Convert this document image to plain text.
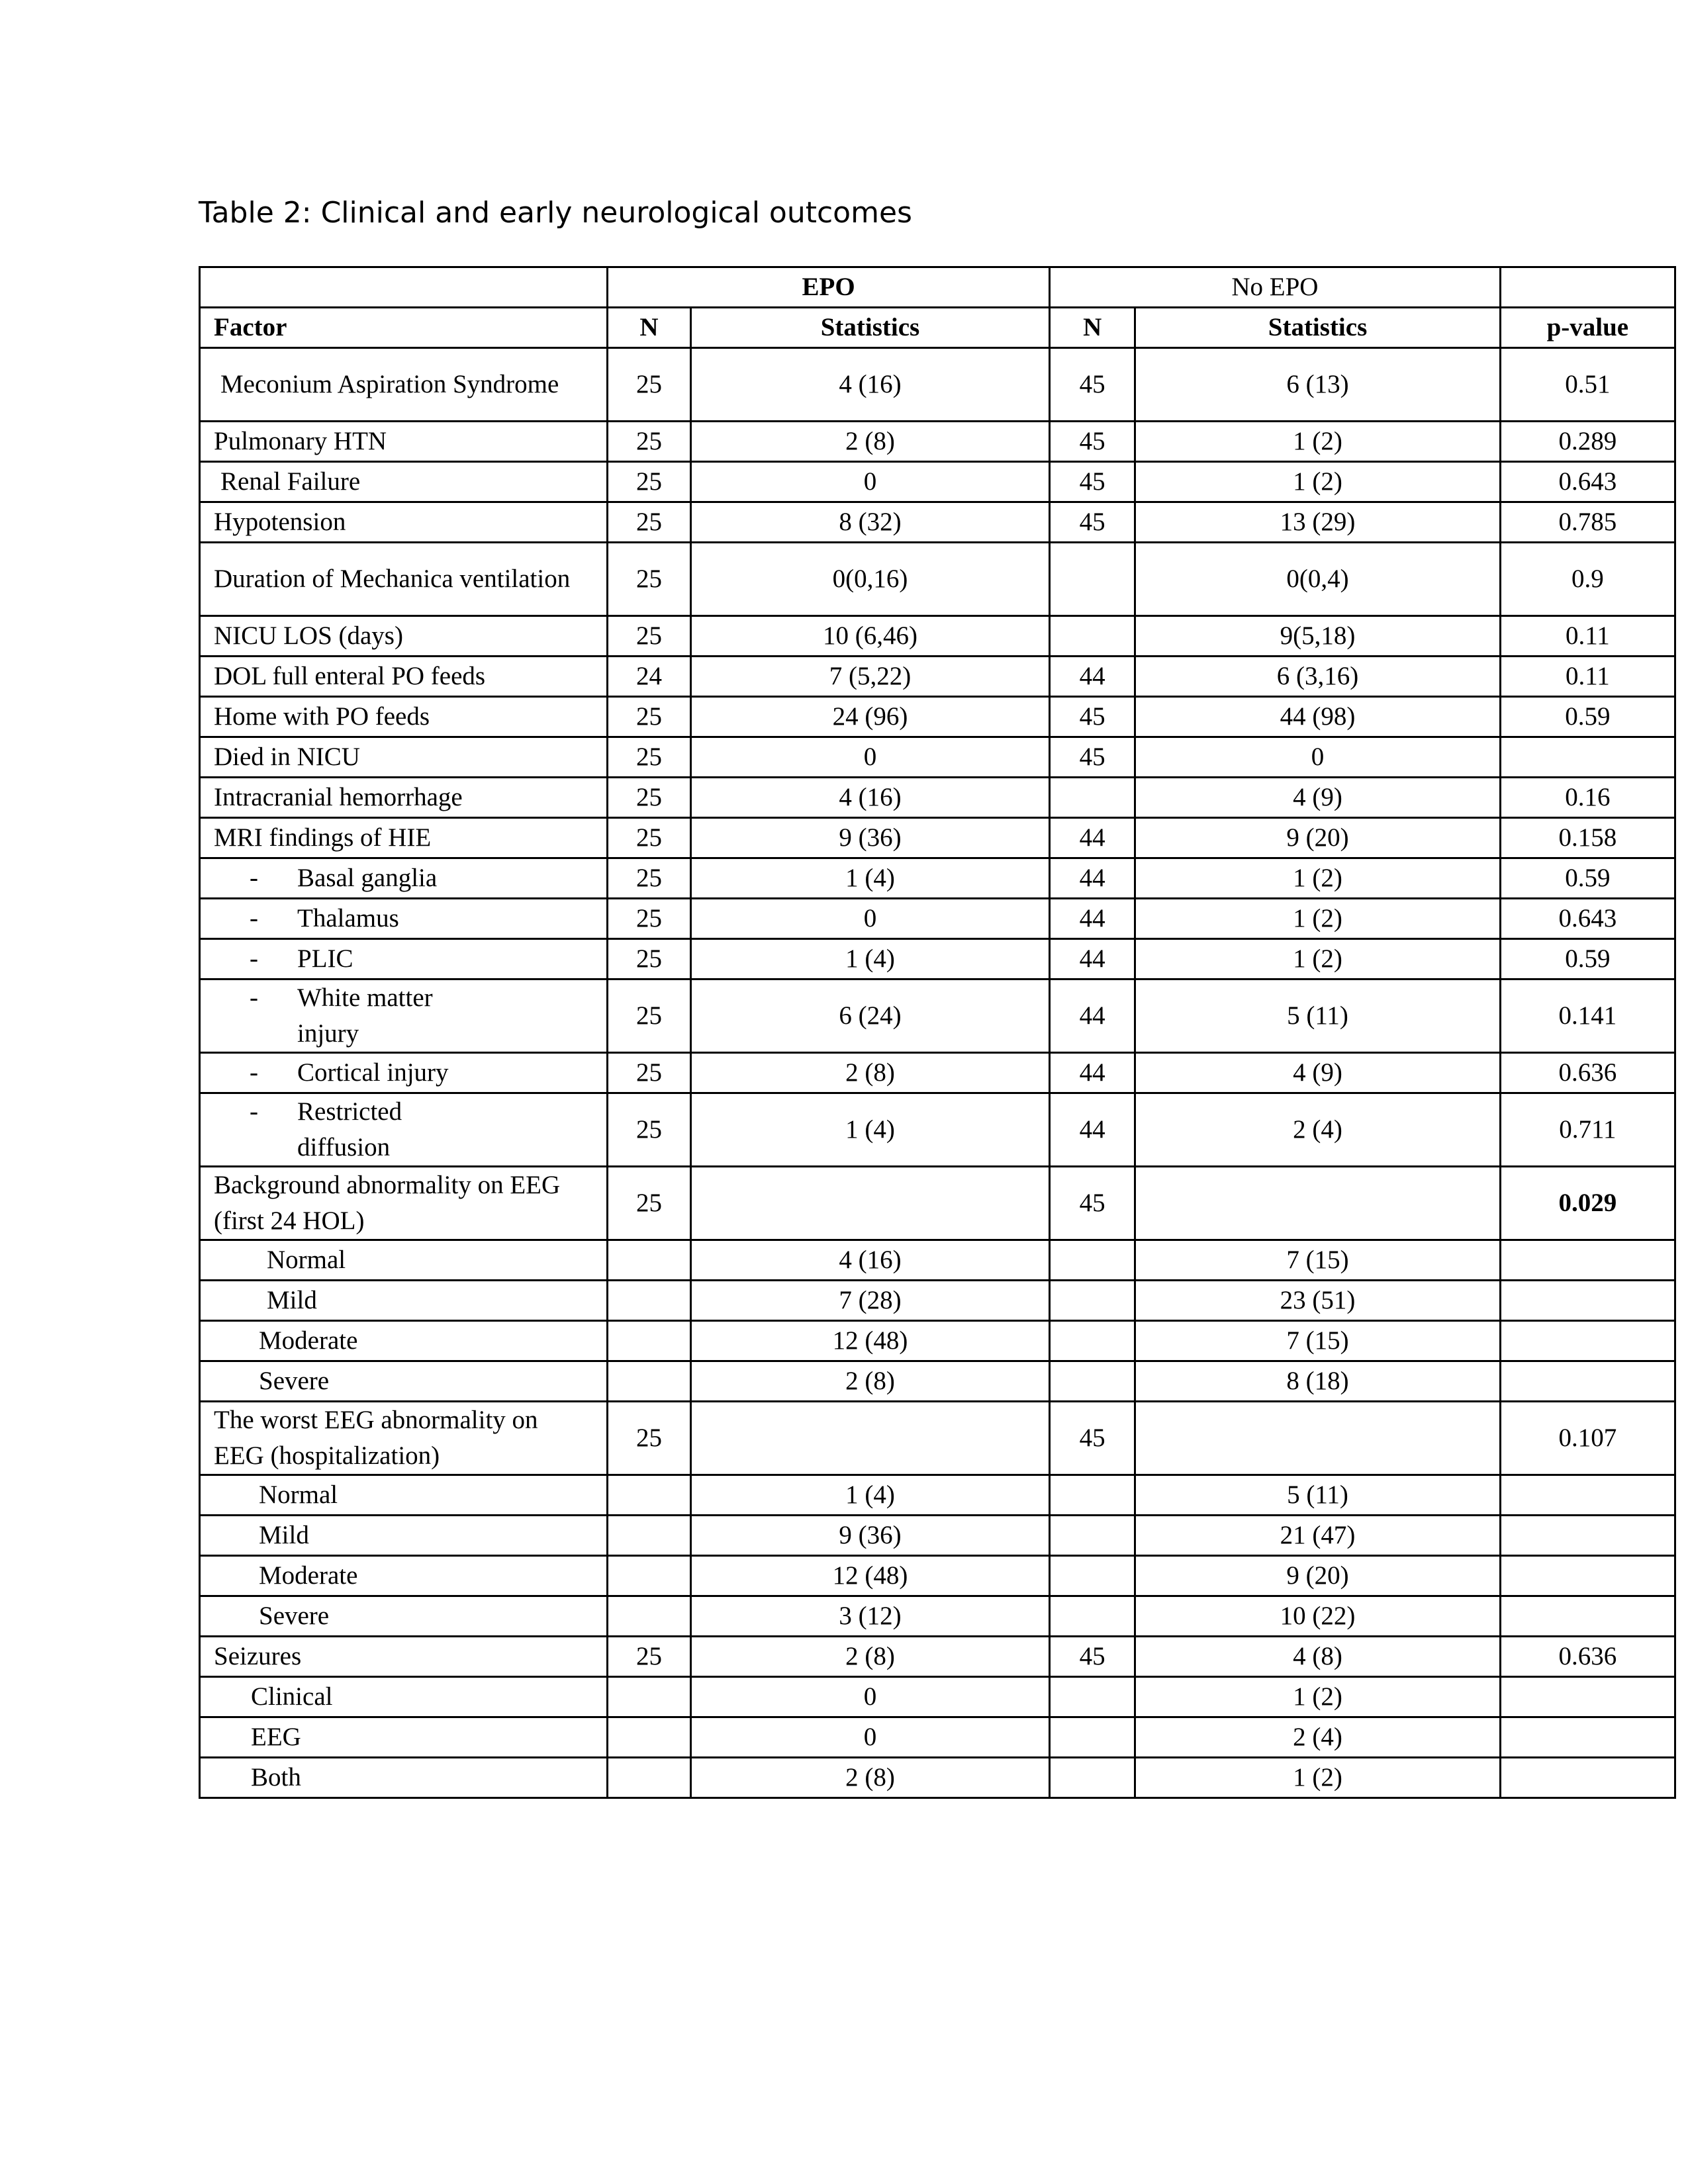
Table 2: Clinical and early neurological outcomes
	EPO		No EPO		
Factor	N	Statistics	N	Statistics	p-value
Meconium Aspiration Syndrome	25	4 (16)	45	6 (13)	0.51
Pulmonary HTN	25	2 (8)	45	1 (2)	0.289
Renal Failure	25	0	45	1 (2)	0.643
Hypotension	25	8 (32)	45	13 (29)	0.785
Duration of Mechanica ventilation	25	0(0,16)		0(0,4)	0.9
NICU LOS (days)	25	10 (6,46)		9(5,18)	0.11
DOL full enteral PO feeds	24	7 (5,22)	44	6 (3,16)	0.11
Home with PO feeds	25	24 (96)	45	44 (98)	0.59
Died in NICU	25	0	45	0	
Intracranial hemorrhage	25	4 (16)		4 (9)	0.16
MRI findings of HIE	25	9 (36)	44	9 (20)	0.158
- Basal ganglia	25	1 (4)	44	1 (2)	0.59
- Thalamus	25	0	44	1 (2)	0.643
- PLIC	25	1 (4)	44	1 (2)	0.59
- White matter injury	25	6 (24)	44	5 (11)	0.141
- Cortical injury	25	2 (8)	44	4 (9)	0.636
- Restricted diffusion	25	1 (4)	44	2 (4)	0.711
Background abnormality on EEG (first 24 HOL)	25		45		0.029
Normal		4 (16)		7 (15)	
Mild		7 (28)		23 (51)	
Moderate		12 (48)		7 (15)	
Severe		2 (8)		8 (18)	
The worst EEG abnormality on EEG (hospitalization)	25		45		0.107
Normal		1 (4)		5 (11)	
Mild		9 (36)		21 (47)	
Moderate		12 (48)		9 (20)	
Severe		3 (12)		10 (22)	
Seizures	25	2 (8)	45	4 (8)	0.636
Clinical		0		1 (2)	
EEG		0		2 (4)	
Both		2 (8)		1 (2)	
